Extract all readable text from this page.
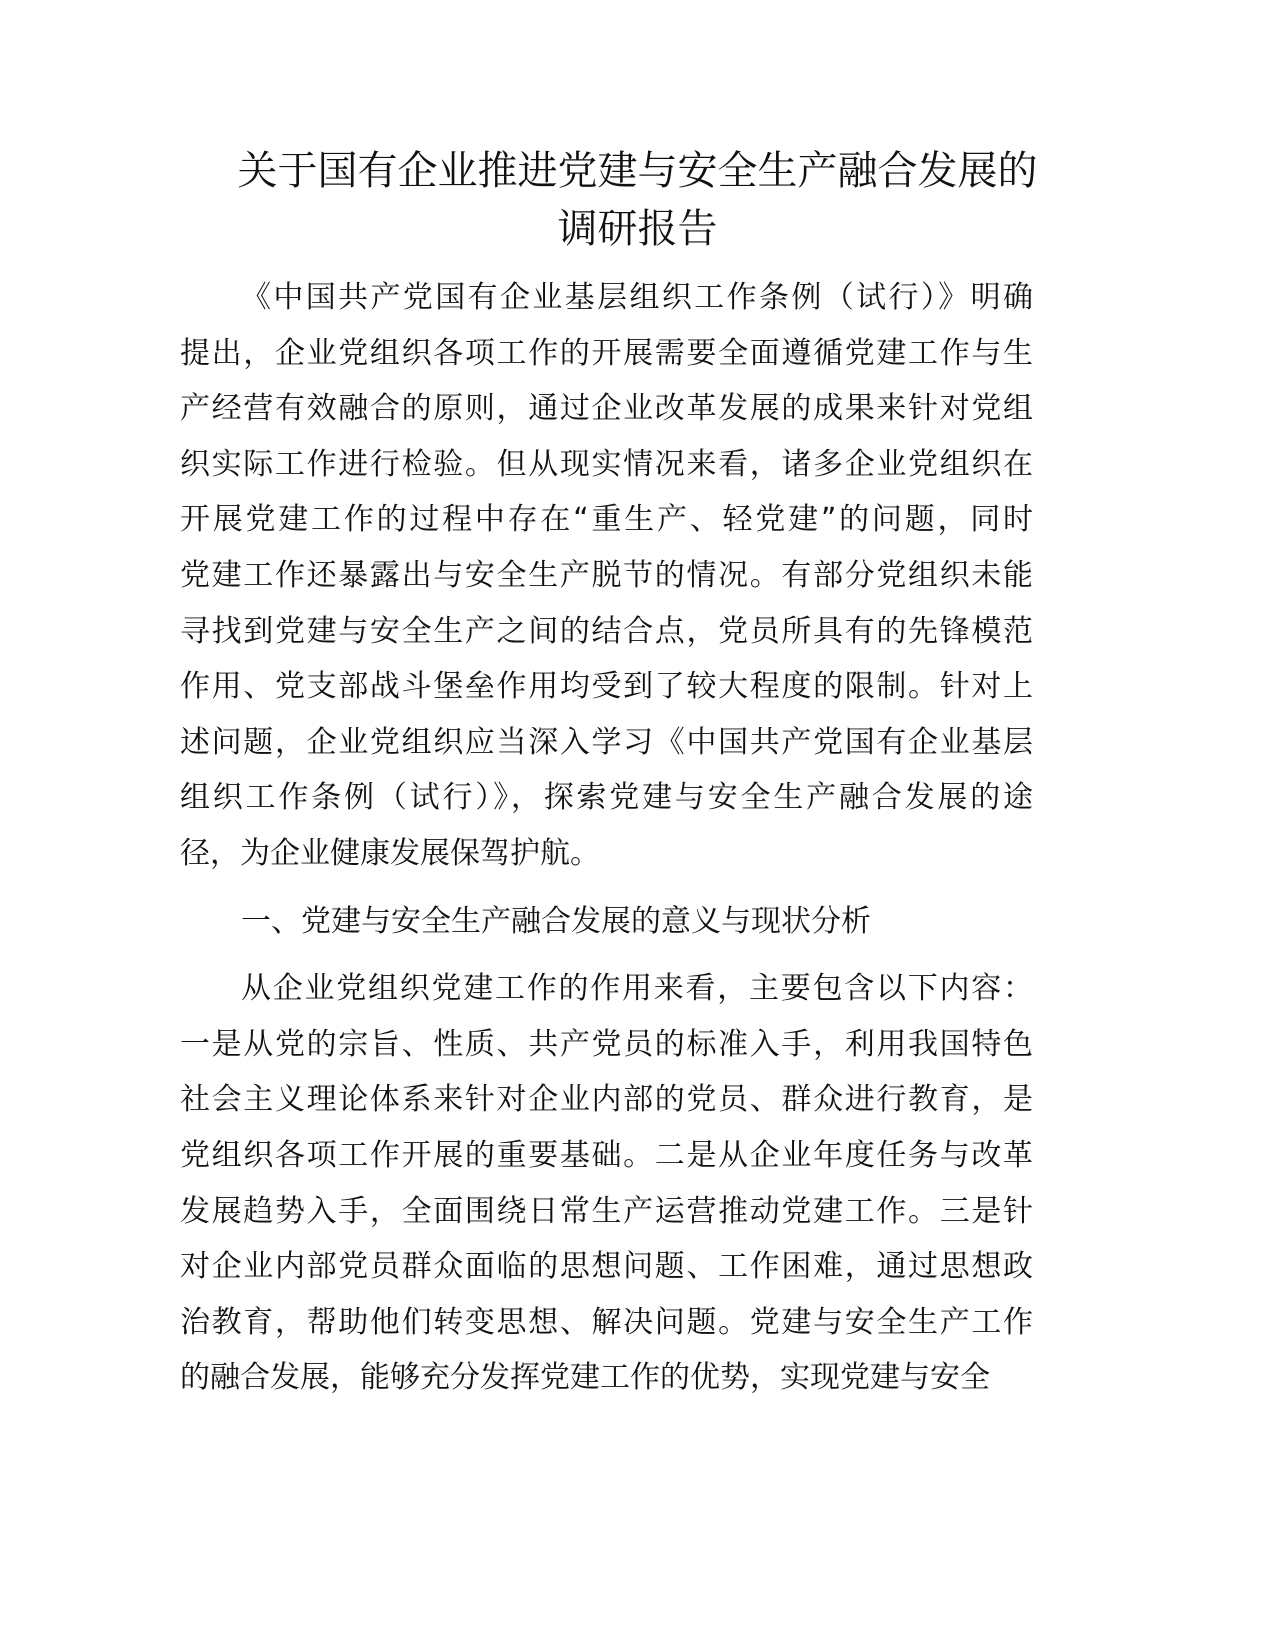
关于国有企业推进党建与安全生产融合发展的
调研报告
《中国共产党国有企业基层组织工作条例（试行）》明确
提出，企业党组织各项工作的开展需要全面遵循党建工作与生
产经营有效融合的原则，通过企业改革发展的成果来针对党组
织实际工作进行检验。但从现实情况来看，诸多企业党组织在
开展党建工作的过程中存在“重生产、轻党建”的问题，同时
党建工作还暴露出与安全生产脱节的情况。有部分党组织未能
寻找到党建与安全生产之间的结合点，党员所具有的先锋模范
作用、党支部战斗堡垒作用均受到了较大程度的限制。针对上
述问题，企业党组织应当深入学习《中国共产党国有企业基层
组织工作条例（试行）》，探索党建与安全生产融合发展的途
径，为企业健康发展保驾护航。
一、党建与安全生产融合发展的意义与现状分析
从企业党组织党建工作的作用来看，主要包含以下内容：
一是从党的宗旨、性质、共产党员的标准入手，利用我国特色
社会主义理论体系来针对企业内部的党员、群众进行教育，是
党组织各项工作开展的重要基础。二是从企业年度任务与改革
发展趋势入手，全面围绕日常生产运营推动党建工作。三是针
对企业内部党员群众面临的思想问题、工作困难，通过思想政
治教育，帮助他们转变思想、解决问题。党建与安全生产工作
的融合发展，能够充分发挥党建工作的优势，实现党建与安全
